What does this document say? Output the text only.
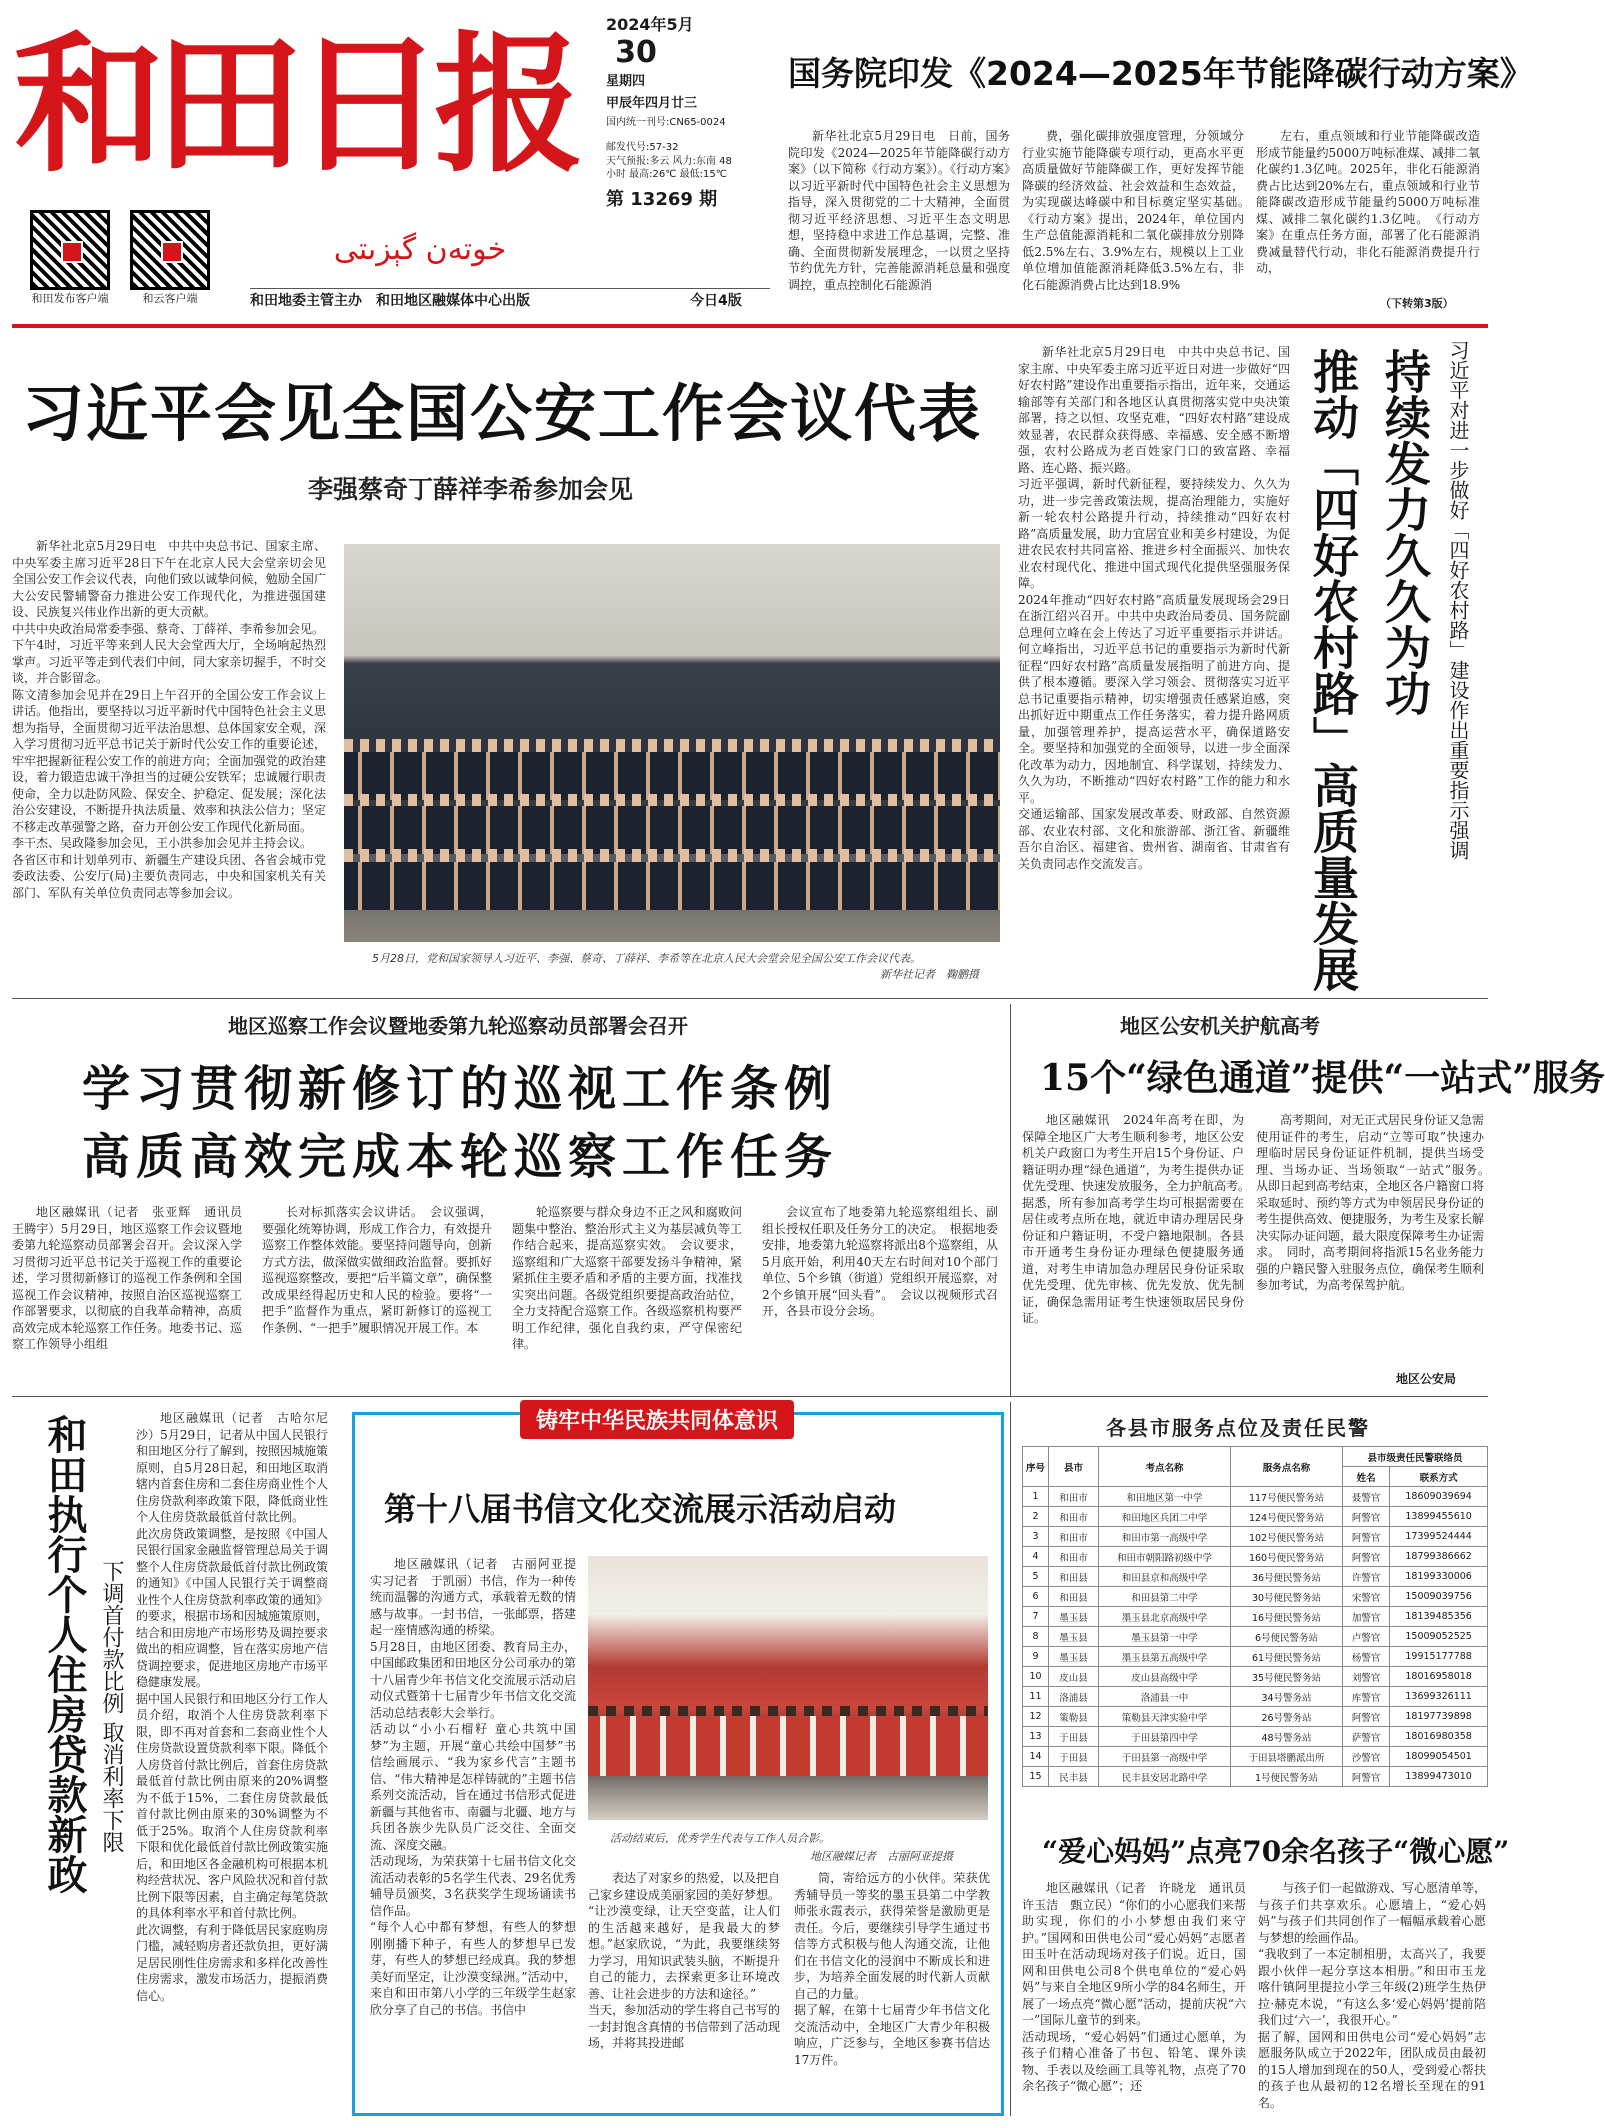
和田日报
خوتەن گېزىتى
和田发布客户端	和云客户端
2024年5月
30
星期四
甲辰年四月廿三
国内统一刊号:CN65-0024
邮发代号:57-32
天气预报:多云 风力:东南 48
小时 最高:26℃ 最低:15℃
第 13269 期
和田地委主管主办　和田地区融媒体中心出版	今日4版
国务院印发《2024—2025年节能降碳行动方案》

新华社北京5月29日电　日前，国务院印发《2024—2025年节能降碳行动方案》（以下简称《行动方案》）。《行动方案》以习近平新时代中国特色社会主义思想为指导，深入贯彻党的二十大精神，全面贯彻习近平经济思想、习近平生态文明思想，坚持稳中求进工作总基调，完整、准确、全面贯彻新发展理念，一以贯之坚持节约优先方针，完善能源消耗总量和强度调控，重点控制化石能源消

费，强化碳排放强度管理，分领域分行业实施节能降碳专项行动，更高水平更高质量做好节能降碳工作，更好发挥节能降碳的经济效益、社会效益和生态效益，为实现碳达峰碳中和目标奠定坚实基础。　《行动方案》提出，2024年，单位国内生产总值能源消耗和二氧化碳排放分别降低2.5%左右、3.9%左右，规模以上工业单位增加值能源消耗降低3.5%左右，非化石能源消费占比达到18.9%

左右，重点领域和行业节能降碳改造形成节能量约5000万吨标准煤、减排二氧化碳约1.3亿吨。2025年，非化石能源消费占比达到20%左右，重点领域和行业节能降碳改造形成节能量约5000万吨标准煤、减排二氧化碳约1.3亿吨。　《行动方案》在重点任务方面，部署了化石能源消费减量替代行动，非化石能源消费提升行动，

（下转第3版）
习近平会见全国公安工作会议代表
李强蔡奇丁薛祥李希参加会见

新华社北京5月29日电　中共中央总书记、国家主席、中央军委主席习近平28日下午在北京人民大会堂亲切会见全国公安工作会议代表，向他们致以诚挚问候，勉励全国广大公安民警辅警奋力推进公安工作现代化，为推进强国建设、民族复兴伟业作出新的更大贡献。
中共中央政治局常委李强、蔡奇、丁薛祥、李希参加会见。
下午4时，习近平等来到人民大会堂西大厅，全场响起热烈掌声。习近平等走到代表们中间，同大家亲切握手，不时交谈，并合影留念。
陈文清参加会见并在29日上午召开的全国公安工作会议上讲话。他指出，要坚持以习近平新时代中国特色社会主义思想为指导，全面贯彻习近平法治思想、总体国家安全观，深入学习贯彻习近平总书记关于新时代公安工作的重要论述，牢牢把握新征程公安工作的前进方向；全面加强党的政治建设，着力锻造忠诚干净担当的过硬公安铁军；忠诚履行职责使命，全力以赴防风险、保安全、护稳定、促发展；深化法治公安建设，不断提升执法质量、效率和执法公信力；坚定不移走改革强警之路，奋力开创公安工作现代化新局面。
李干杰、吴政隆参加会见，王小洪参加会见并主持会议。
各省区市和计划单列市、新疆生产建设兵团、各省会城市党委政法委、公安厅(局)主要负责同志，中央和国家机关有关部门、军队有关单位负责同志等参加会议。

5月28日，党和国家领导人习近平、李强、蔡奇、丁薛祥、李希等在北京人民大会堂会见全国公安工作会议代表。
新华社记者　鞠鹏摄

新华社北京5月29日电　中共中央总书记、国家主席、中央军委主席习近平近日对进一步做好“四好农村路”建设作出重要指示指出，近年来，交通运输部等有关部门和各地区认真贯彻落实党中央决策部署，持之以恒、攻坚克难，“四好农村路”建设成效显著，农民群众获得感、幸福感、安全感不断增强，农村公路成为老百姓家门口的致富路、幸福路、连心路、振兴路。
习近平强调，新时代新征程，要持续发力、久久为功，进一步完善政策法规，提高治理能力，实施好新一轮农村公路提升行动，持续推动“四好农村路”高质量发展，助力宜居宜业和美乡村建设，为促进农民农村共同富裕、推进乡村全面振兴、加快农业农村现代化、推进中国式现代化提供坚强服务保障。
2024年推动“四好农村路”高质量发展现场会29日在浙江绍兴召开。中共中央政治局委员、国务院副总理何立峰在会上传达了习近平重要指示并讲话。何立峰指出，习近平总书记的重要指示为新时代新征程“四好农村路”高质量发展指明了前进方向、提供了根本遵循。要深入学习领会、贯彻落实习近平总书记重要指示精神，切实增强责任感紧迫感，突出抓好近中期重点工作任务落实，着力提升路网质量，加强管理养护，提高运营水平，确保道路安全。要坚持和加强党的全面领导，以进一步全面深化改革为动力，因地制宜、科学谋划，持续发力、久久为功，不断推动“四好农村路”工作的能力和水平。
交通运输部、国家发展改革委、财政部、自然资源部、农业农村部、文化和旅游部、浙江省、新疆维吾尔自治区、福建省、贵州省、湖南省、甘肃省有关负责同志作交流发言。	推动「四好农村路」高质量发展 持续发力久久为功 习近平对进一步做好「四好农村路」建设作出重要指示强调
地区巡察工作会议暨地委第九轮巡察动员部署会召开
学习贯彻新修订的巡视工作条例
高质高效完成本轮巡察工作任务

地区融媒讯（记者　张亚辉　通讯员　王腾宇）5月29日，地区巡察工作会议暨地委第九轮巡察动员部署会召开。会议深入学习贯彻习近平总书记关于巡视工作的重要论述，学习贯彻新修订的巡视工作条例和全国巡视工作会议精神，按照自治区巡视巡察工作部署要求，以彻底的自我革命精神，高质高效完成本轮巡察工作任务。地委书记、巡察工作领导小组组

长对标抓落实会议讲话。　会议强调，要强化统筹协调，形成工作合力，有效提升巡察工作整体效能。要坚持问题导向，创新方式方法，做深做实做细政治监督。要抓好巡视巡察整改，要把“后半篇文章”，确保整改成果经得起历史和人民的检验。要将“一把手”监督作为重点，紧盯新修订的巡视工作条例、“一把手”履职情况开展工作。本

轮巡察要与群众身边不正之风和腐败问题集中整治、整治形式主义为基层减负等工作结合起来，提高巡察实效。　会议要求，巡察组和广大巡察干部要发扬斗争精神，紧紧抓住主要矛盾和矛盾的主要方面，找准找实突出问题。各级党组织要提高政治站位，全力支持配合巡察工作。各级巡察机构要严明工作纪律，强化自我约束，严守保密纪律。

会议宣布了地委第九轮巡察组组长、副组长授权任职及任务分工的决定。　根据地委安排，地委第九轮巡察将派出8个巡察组，从5月底开始，利用40天左右时间对10个部门单位、5个乡镇（街道）党组织开展巡察，对2个乡镇开展“回头看”。　会议以视频形式召开，各县市设分会场。

地区公安机关护航高考
15个“绿色通道”提供“一站式”服务

地区融媒讯　2024年高考在即，为保障全地区广大考生顺利参考，地区公安机关户政窗口为考生开启15个身份证、户籍证明办理“绿色通道”，为考生提供办证优先受理、快速发放服务，全力护航高考。　据悉，所有参加高考学生均可根据需要在居住或考点所在地，就近申请办理居民身份证和户籍证明，不受户籍地限制。各县市开通考生身份证办理绿色便捷服务通道，对考生申请加急办理居民身份证采取优先受理、优先审核、优先发放、优先制证，确保急需用证考生快速领取居民身份证。

高考期间，对无正式居民身份证又急需使用证件的考生，启动“立等可取”快速办理临时居民身份证证件机制，提供当场受理、当场办证、当场领取“一站式”服务。　从即日起到高考结束，全地区各户籍窗口将采取延时、预约等方式为申领居民身份证的考生提供高效、便捷服务，为考生及家长解决实际办证问题，最大限度保障考生办证需求。　同时，高考期间将指派15名业务能力强的户籍民警入驻服务点位，确保考生顺利参加考试，为高考保驾护航。

地区公安局
和田执行个人住房贷款新政 下调首付款比例 取消利率下限

地区融媒讯（记者　古哈尔尼沙）5月29日，记者从中国人民银行和田地区分行了解到，按照因城施策原则，自5月28日起，和田地区取消辖内首套住房和二套住房商业性个人住房贷款利率政策下限，降低商业性个人住房贷款最低首付款比例。
此次房贷政策调整，是按照《中国人民银行国家金融监督管理总局关于调整个人住房贷款最低首付款比例政策的通知》《中国人民银行关于调整商业性个人住房贷款利率政策的通知》的要求，根据市场和因城施策原则，结合和田房地产市场形势及调控要求做出的相应调整，旨在落实房地产信贷调控要求，促进地区房地产市场平稳健康发展。
据中国人民银行和田地区分行工作人员介绍，取消个人住房贷款利率下限，即不再对首套和二套商业性个人住房贷款设置贷款利率下限。降低个人房贷首付款比例后，首套住房贷款最低首付款比例由原来的20%调整为不低于15%，二套住房贷款最低首付款比例由原来的30%调整为不低于25%。取消个人住房贷款利率下限和优化最低首付款比例政策实施后，和田地区各金融机构可根据本机构经营状况、客户风险状况和首付款比例下限等因素，自主确定每笔贷款的具体利率水平和首付款比例。
此次调整，有利于降低居民家庭购房门槛，减轻购房者还款负担，更好满足居民刚性住房需求和多样化改善性住房需求，激发市场活力，提振消费信心。

铸牢中华民族共同体意识
第十八届书信文化交流展示活动启动

地区融媒讯（记者　古丽阿亚提　实习记者　于凯丽）书信，作为一种传统而温馨的沟通方式，承载着无数的情感与故事。一封书信，一张邮票，搭建起一座情感沟通的桥梁。
5月28日，由地区团委、教育局主办，中国邮政集团和田地区分公司承办的第十八届青少年书信文化交流展示活动启动仪式暨第十七届青少年书信文化交流活动总结表彰大会举行。
活动以“小小石榴籽 童心共筑中国梦”为主题，开展“童心共绘中国梦”书信绘画展示、“我为家乡代言”主题书信、“伟大精神是怎样铸就的”主题书信系列交流活动，旨在通过书信形式促进新疆与其他省市、南疆与北疆、地方与兵团各族少先队员广泛交往、全面交流、深度交融。
活动现场，为荣获第十七届书信文化交流活动表彰的5名学生代表、29名优秀辅导员颁奖，3名获奖学生现场诵读书信作品。
“每个人心中都有梦想，有些人的梦想刚刚播下种子，有些人的梦想早已发芽，有些人的梦想已经成真。我的梦想美好而坚定，让沙漠变绿洲。”活动中，来自和田市第八小学的三年级学生赵家欣分享了自己的书信。书信中

活动结束后，优秀学生代表与工作人员合影。
地区融媒记者　古丽阿亚提摄

表达了对家乡的热爱，以及把自己家乡建设成美丽家园的美好梦想。
“让沙漠变绿，让天空变蓝，让人们的生活越来越好，是我最大的梦想。”赵家欣说，“为此，我要继续努力学习，用知识武装头脑，不断提升自己的能力，去探索更多让环境改善、让社会进步的方法和途径。”
当天，参加活动的学生将自己书写的一封封饱含真情的书信带到了活动现场，并将其投进邮

筒，寄给远方的小伙伴。荣获优秀辅导员一等奖的墨玉县第二中学教师张永霞表示，获得荣誉是激励更是责任。今后，要继续引导学生通过书信等方式积极与他人沟通交流，让他们在书信文化的浸润中不断成长和进步，为培养全面发展的时代新人贡献自己的力量。
据了解，在第十七届青少年书信文化交流活动中，全地区广大青少年积极响应，广泛参与，全地区参赛书信达17万件。

各县市服务点位及责任民警
序号	县市	考点名称	服务点名称	县市级责任民警联络员	
				姓名	联系方式
1	和田市	和田地区第一中学	117号便民警务站	聂警官	18609039694
2	和田市	和田地区兵团二中学	124号便民警务站	阿警官	13899455610
3	和田市	和田市第一高级中学	102号便民警务站	阿警官	17399524444
4	和田市	和田市朝阳路初级中学	160号便民警务站	阿警官	18799386662
5	和田县	和田县京和高级中学	36号便民警务站	许警官	18199330006
6	和田县	和田县第二中学	30号便民警务站	宋警官	15009039756
7	墨玉县	墨玉县北京高级中学	16号便民警务站	加警官	18139485356
8	墨玉县	墨玉县第一中学	6号便民警务站	卢警官	15009052525
9	墨玉县	墨玉县第五高级中学	61号便民警务站	杨警官	19915177788
10	皮山县	皮山县高级中学	35号便民警务站	刘警官	18016958018
11	洛浦县	洛浦县一中	34号警务站	库警官	13699326111
12	策勒县	策勒县天津实验中学	26号警务站	阿警官	18197739898
13	于田县	于田县第四中学	48号警务站	萨警官	18016980358
14	于田县	于田县第一高级中学	于田县塔鹏派出所	沙警官	18099054501
15	民丰县	民丰县安居北路中学	1号便民警务站	阿警官	13899473010
“爱心妈妈”点亮70余名孩子“微心愿”

地区融媒讯（记者　许晓龙　通讯员　许玉洁　甄立民）“你们的小心愿我们来帮助实现，你们的小小梦想由我们来守护。”国网和田供电公司“爱心妈妈”志愿者田玉叶在活动现场对孩子们说。近日，国网和田供电公司8个供电单位的“爱心妈妈”与来自全地区9所小学的84名师生，开展了一场点亮“微心愿”活动，提前庆祝“六一”国际儿童节的到来。
活动现场，“爱心妈妈”们通过心愿单，为孩子们精心准备了书包、铅笔、课外读物、手表以及绘画工具等礼物，点亮了70余名孩子“微心愿”；还

与孩子们一起做游戏、写心愿清单等，与孩子们共享欢乐。心愿墙上，“爱心妈妈”与孩子们共同创作了一幅幅承载着心愿与梦想的绘画作品。
“我收到了一本定制相册，太高兴了，我要跟小伙伴一起分享这本相册。”和田市玉龙喀什镇阿里提拉小学三年级(2)班学生热伊拉·赫克木说，“有这么多‘爱心妈妈’提前陪我们过‘六一’，我很开心。”
据了解，国网和田供电公司“爱心妈妈”志愿服务队成立于2022年，团队成员由最初的15人增加到现在的50人，受到爱心帮扶的孩子也从最初的12名增长至现在的91名。
